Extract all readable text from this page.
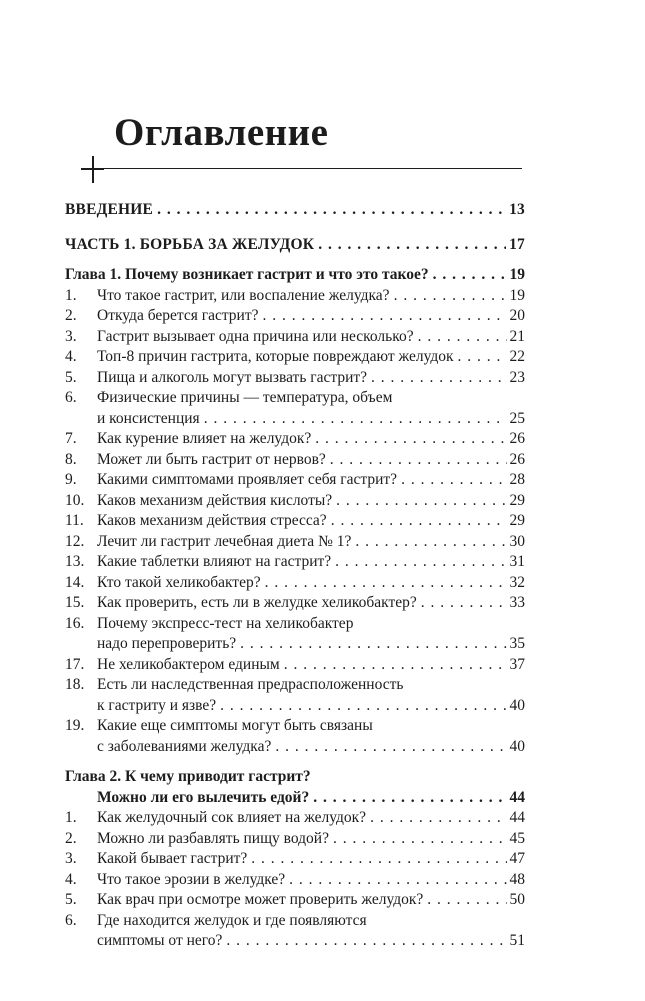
Оглавление
ВВЕДЕНИЕ . . .	13
ЧАСТЬ 1. БОРЬБА ЗА ЖЕЛУДОК . . .	17
Глава 1. Почему возникает гастрит и что это такое? . . .	19
1.	Что такое гастрит, или воспаление желудка? . . .	19
2.	Откуда берется гастрит? . . .	20
3.	Гастрит вызывает одна причина или несколько? . . .	21
4.	Топ-8 причин гастрита, которые повреждают желудок . . .	22
5.	Пища и алкоголь могут вызвать гастрит? . . .	23
6.	Физические причины — температура, объем
и консистенция . . .	25
7.	Как курение влияет на желудок? . . .	26
8.	Может ли быть гастрит от нервов? . . .	26
9.	Какими симптомами проявляет себя гастрит? . . .	28
10. Каков механизм действия кислоты? . . .	29
11. Каков механизм действия стресса? . . .	29
12. Лечит ли гастрит лечебная диета № 1? . . .	30
13. Какие таблетки влияют на гастрит? . . .	31
14. Кто такой хеликобактер? . . .	32
15. Как проверить, есть ли в желудке хеликобактер? . . .	33
16. Почему экспресс-тест на хеликобактер
надо перепроверить? . . .	35
17. Не хеликобактером единым . . .	37
18. Есть ли наследственная предрасположенность
к гастриту и язве? . . .	40
19. Какие еще симптомы могут быть связаны
с заболеваниями желудка? . . .	40
Глава 2. К чему приводит гастрит?
Можно ли его вылечить едой? . . .	44
1.	Как желудочный сок влияет на желудок? . . .	44
2.	Можно ли разбавлять пищу водой? . . .	45
3.	Какой бывает гастрит? . . .	47
4.	Что такое эрозии в желудке? . . .	48
5.	Как врач при осмотре может проверить желудок? . . .	50
6.	Где находится желудок и где появляются
симптомы от него? . . .	51
